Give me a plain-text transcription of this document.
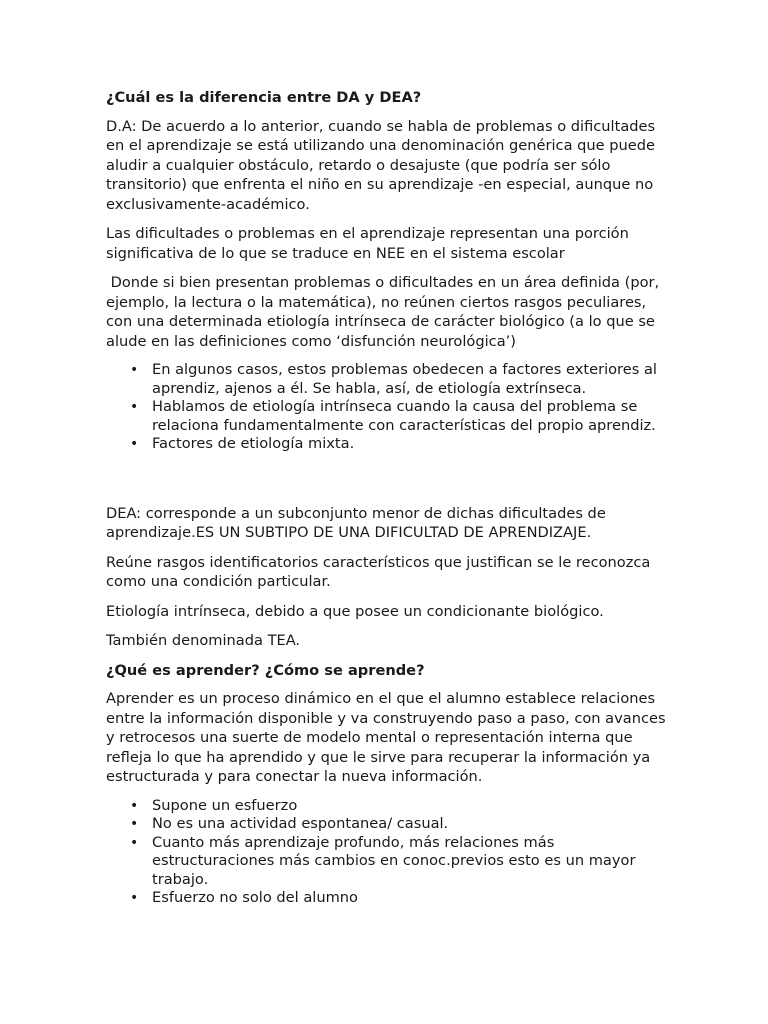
¿Cuál es la diferencia entre DA y DEA?

D.A: De acuerdo a lo anterior, cuando se habla de problemas o dificultades en el aprendizaje se está utilizando una denominación genérica que puede aludir a cualquier obstáculo, retardo o desajuste (que podría ser sólo transitorio) que enfrenta el niño en su aprendizaje -en especial, aunque no exclusivamente-académico.

Las dificultades o problemas en el aprendizaje representan una porción significativa de lo que se traduce en NEE en el sistema escolar

Donde si bien presentan problemas o dificultades en un área definida (por, ejemplo, la lectura o la matemática), no reúnen ciertos rasgos peculiares, con una determinada etiología intrínseca de carácter biológico (a lo que se alude en las definiciones como ‘disfunción neurológica’)

• En algunos casos, estos problemas obedecen a factores exteriores al aprendiz, ajenos a él. Se habla, así, de etiología extrínseca.
• Hablamos de etiología intrínseca cuando la causa del problema se relaciona fundamentalmente con características del propio aprendiz.
• Factores de etiología mixta.

DEA: corresponde a un subconjunto menor de dichas dificultades de aprendizaje.ES UN SUBTIPO DE UNA DIFICULTAD DE APRENDIZAJE.

Reúne rasgos identificatorios característicos que justifican se le reconozca como una condición particular.

Etiología intrínseca, debido a que posee un condicionante biológico.

También denominada TEA.

¿Qué es aprender? ¿Cómo se aprende?

Aprender es un proceso dinámico en el que el alumno establece relaciones entre la información disponible y va construyendo paso a paso, con avances y retrocesos una suerte de modelo mental o representación interna que refleja lo que ha aprendido y que le sirve para recuperar la información ya estructurada y para conectar la nueva información.

• Supone un esfuerzo
• No es una actividad espontanea/ casual.
• Cuanto más aprendizaje profundo, más relaciones más estructuraciones más cambios en conoc.previos esto es un mayor trabajo.
• Esfuerzo no solo del alumno
